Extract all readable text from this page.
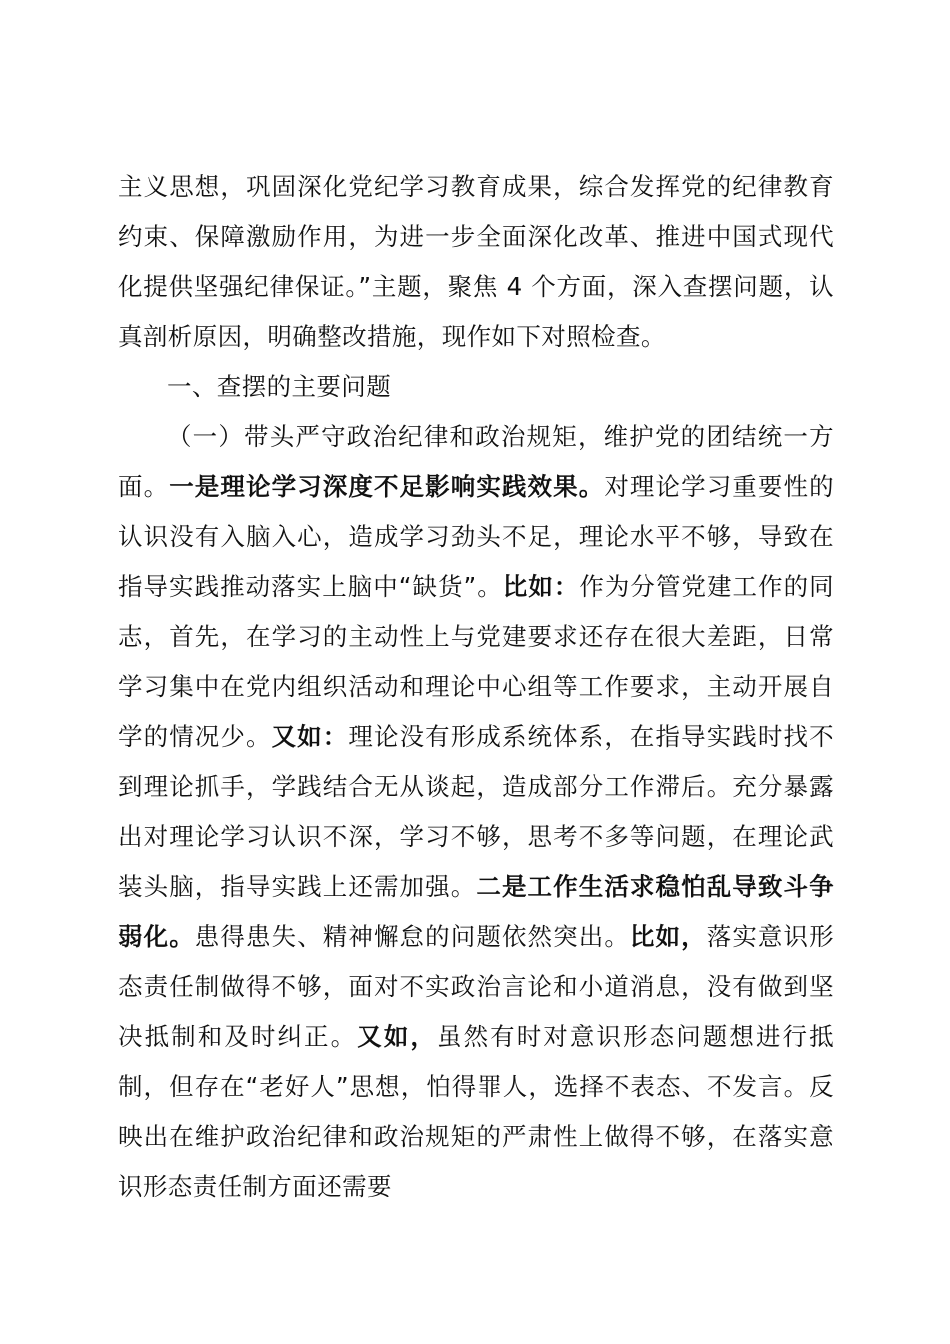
主义思想，巩固深化党纪学习教育成果，综合发挥党的纪律教育约束、保障激励作用，为进一步全面深化改革、推进中国式现代化提供坚强纪律保证。”主题，聚焦 4 个方面，深入查摆问题，认真剖析原因，明确整改措施，现作如下对照检查。

一、查摆的主要问题

（一）带头严守政治纪律和政治规矩，维护党的团结统一方面。一是理论学习深度不足影响实践效果。对理论学习重要性的认识没有入脑入心，造成学习劲头不足，理论水平不够，导致在指导实践推动落实上脑中“缺货”。比如：作为分管党建工作的同志，首先，在学习的主动性上与党建要求还存在很大差距，日常学习集中在党内组织活动和理论中心组等工作要求，主动开展自学的情况少。又如：理论没有形成系统体系，在指导实践时找不到理论抓手，学践结合无从谈起，造成部分工作滞后。充分暴露出对理论学习认识不深，学习不够，思考不多等问题，在理论武装头脑，指导实践上还需加强。二是工作生活求稳怕乱导致斗争弱化。患得患失、精神懈怠的问题依然突出。比如，落实意识形态责任制做得不够，面对不实政治言论和小道消息，没有做到坚决抵制和及时纠正。又如，虽然有时对意识形态问题想进行抵制，但存在“老好人”思想，怕得罪人，选择不表态、不发言。反映出在维护政治纪律和政治规矩的严肃性上做得不够，在落实意识形态责任制方面还需要
